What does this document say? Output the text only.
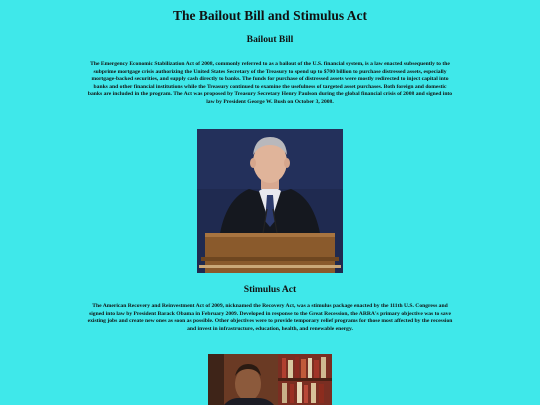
The Bailout Bill and Stimulus Act
Bailout Bill

The Emergency Economic Stabilization Act of 2008, commonly referred to as a bailout of the U.S. financial system, is a law enacted subsequently to the subprime mortgage crisis authorizing the United States Secretary of the Treasury to spend up to $700 billion to purchase distressed assets, especially mortgage-backed securities, and supply cash directly to banks. The funds for purchase of distressed assets were mostly redirected to inject capital into banks and other financial institutions while the Treasury continued to examine the usefulness of targeted asset purchases. Both foreign and domestic banks are included in the program. The Act was proposed by Treasury Secretary Henry Paulson during the global financial crisis of 2008 and signed into law by President George W. Bush on October 3, 2008.

Stimulus Act

The American Recovery and Reinvestment Act of 2009, nicknamed the Recovery Act, was a stimulus package enacted by the 111th U.S. Congress and signed into law by President Barack Obama in February 2009. Developed in response to the Great Recession, the ARRA's primary objective was to save existing jobs and create new ones as soon as possible. Other objectives were to provide temporary relief programs for those most affected by the recession and invest in infrastructure, education, health, and renewable energy.
